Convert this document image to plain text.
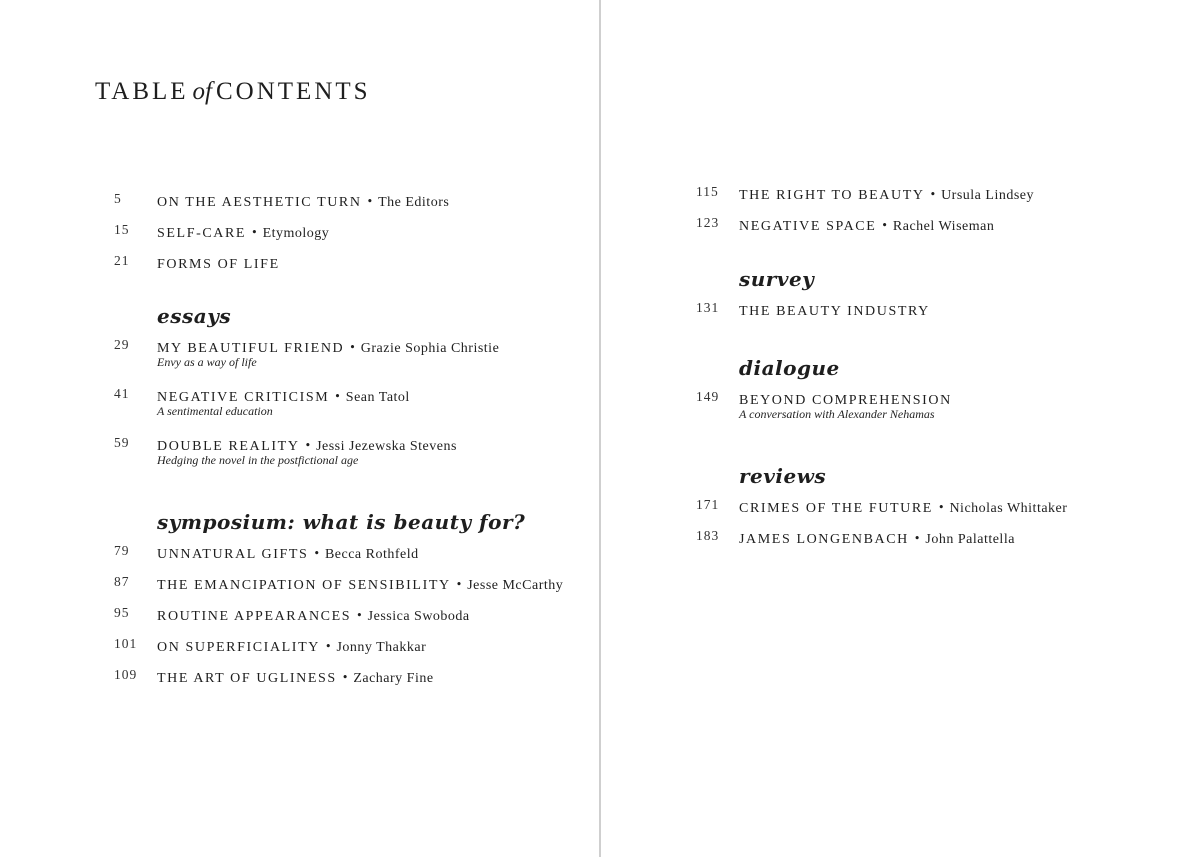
TABLE of CONTENTS
5	ON THE AESTHETIC TURN • The Editors
15 SELF-CARE • Etymology
21 FORMS OF LIFE
essays
29 MY BEAUTIFUL FRIEND • Grazie Sophia Christie
Envy as a way of life
41 NEGATIVE CRITICISM • Sean Tatol
A sentimental education
59 DOUBLE REALITY • Jessi Jezewska Stevens
Hedging the novel in the postfictional age
symposium: what is beauty for?
79 UNNATURAL GIFTS • Becca Rothfeld
87 THE EMANCIPATION OF SENSIBILITY • Jesse McCarthy
95 ROUTINE APPEARANCES • Jessica Swoboda
101 ON SUPERFICIALITY • Jonny Thakkar
109 THE ART OF UGLINESS • Zachary Fine
115 THE RIGHT TO BEAUTY • Ursula Lindsey
123 NEGATIVE SPACE • Rachel Wiseman
survey
131 THE BEAUTY INDUSTRY
dialogue
149 BEYOND COMPREHENSION
A conversation with Alexander Nehamas
reviews
171 CRIMES OF THE FUTURE • Nicholas Whittaker
183 JAMES LONGENBACH • John Palattella
